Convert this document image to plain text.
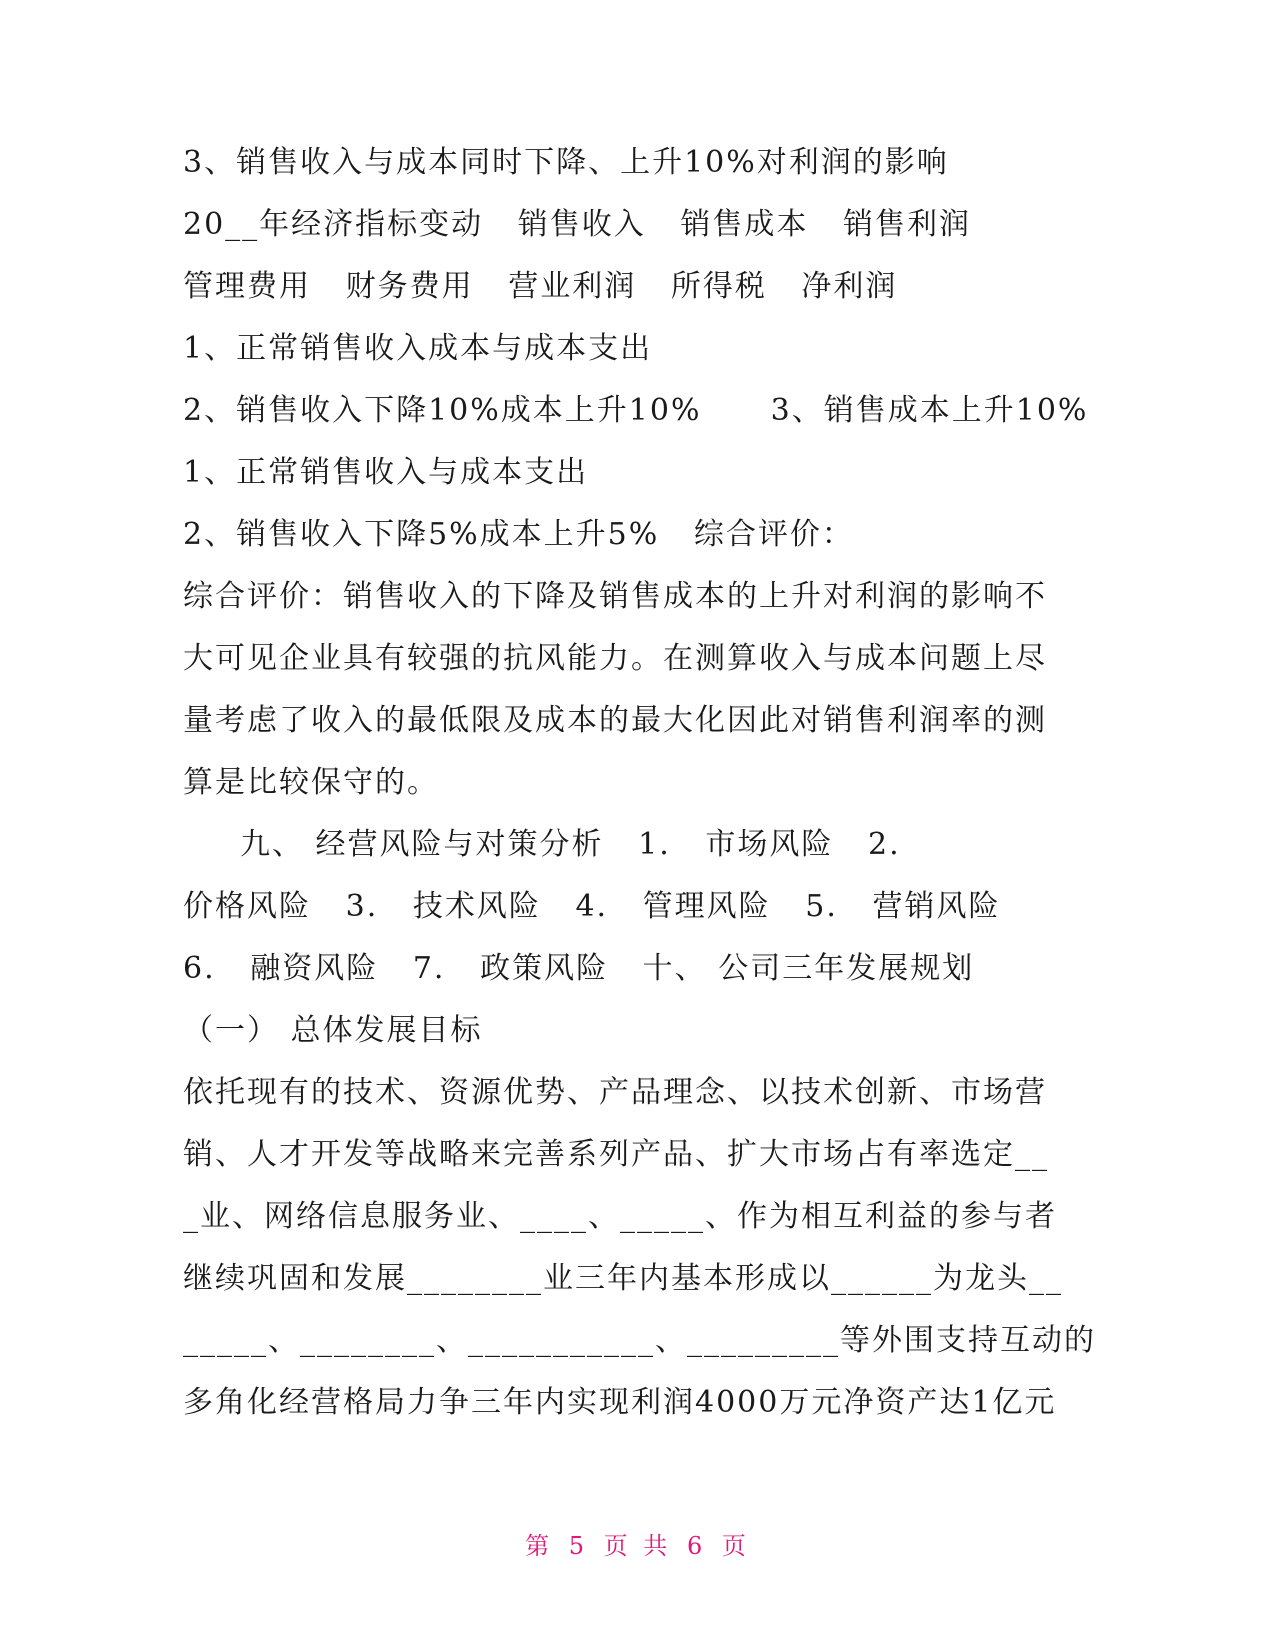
3、销售收入与成本同时下降、上升10%对利润的影响
20__年经济指标变动   销售收入   销售成本   销售利润
管理费用   财务费用   营业利润   所得税   净利润
1、正常销售收入成本与成本支出
2、销售收入下降10%成本上升10%      3、销售成本上升10%
1、正常销售收入与成本支出
2、销售收入下降5%成本上升5%   综合评价：
综合评价：销售收入的下降及销售成本的上升对利润的影响不
大可见企业具有较强的抗风能力。在测算收入与成本问题上尽
量考虑了收入的最低限及成本的最大化因此对销售利润率的测
算是比较保守的。
九、 经营风险与对策分析   1.   市场风险   2.
价格风险   3.   技术风险   4.   管理风险   5.   营销风险
6.   融资风险   7.   政策风险   十、 公司三年发展规划
（一） 总体发展目标
依托现有的技术、资源优势、产品理念、以技术创新、市场营
销、人才开发等战略来完善系列产品、扩大市场占有率选定__
_业、网络信息服务业、____、_____、作为相互利益的参与者
继续巩固和发展________业三年内基本形成以______为龙头__
_____、________、___________、_________等外围支持互动的
多角化经营格局力争三年内实现利润4000万元净资产达1亿元
第 5 页 共 6 页
